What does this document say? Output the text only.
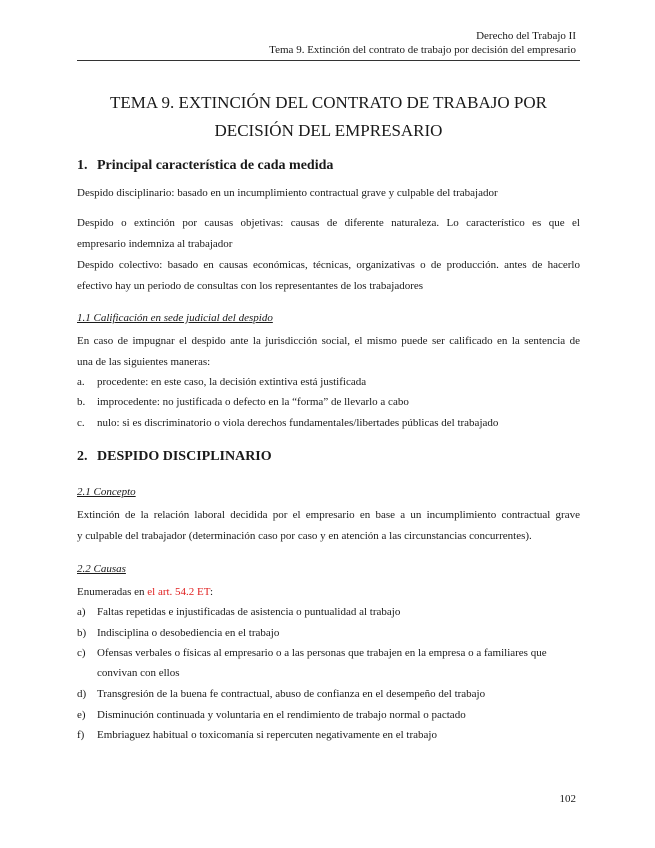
Derecho del Trabajo II
Tema 9. Extinción del contrato de trabajo por decisión del empresario
TEMA 9. EXTINCIÓN DEL CONTRATO DE TRABAJO POR
DECISIÓN DEL EMPRESARIO
1. Principal característica de cada medida
Despido disciplinario: basado en un incumplimiento contractual grave y culpable del trabajador
Despido o extinción por causas objetivas: causas de diferente naturaleza. Lo característico es que el
empresario indemniza al trabajador
Despido colectivo: basado en causas económicas, técnicas, organizativas o de producción. antes de hacerlo
efectivo hay un periodo de consultas con los representantes de los trabajadores
1.1 Calificación en sede judicial del despido
En caso de impugnar el despido ante la jurisdicción social, el mismo puede ser calificado en la sentencia de
una de las siguientes maneras:
a. procedente: en este caso, la decisión extintiva está justificada
b. improcedente: no justificada o defecto en la “forma” de llevarlo a cabo
c. nulo: si es discriminatorio o viola derechos fundamentales/libertades públicas del trabajado
2. DESPIDO DISCIPLINARIO
2.1 Concepto
Extinción de la relación laboral decidida por el empresario en base a un incumplimiento contractual grave
y culpable del trabajador (determinación caso por caso y en atención a las circunstancias concurrentes).
2.2 Causas
Enumeradas en el art. 54.2 ET:
a) Faltas repetidas e injustificadas de asistencia o puntualidad al trabajo
b) Indisciplina o desobediencia en el trabajo
c) Ofensas verbales o físicas al empresario o a las personas que trabajen en la empresa o a familiares que
convivan con ellos
d) Transgresión de la buena fe contractual, abuso de confianza en el desempeño del trabajo
e) Disminución continuada y voluntaria en el rendimiento de trabajo normal o pactado
f) Embriaguez habitual o toxicomanía si repercuten negativamente en el trabajo
102
